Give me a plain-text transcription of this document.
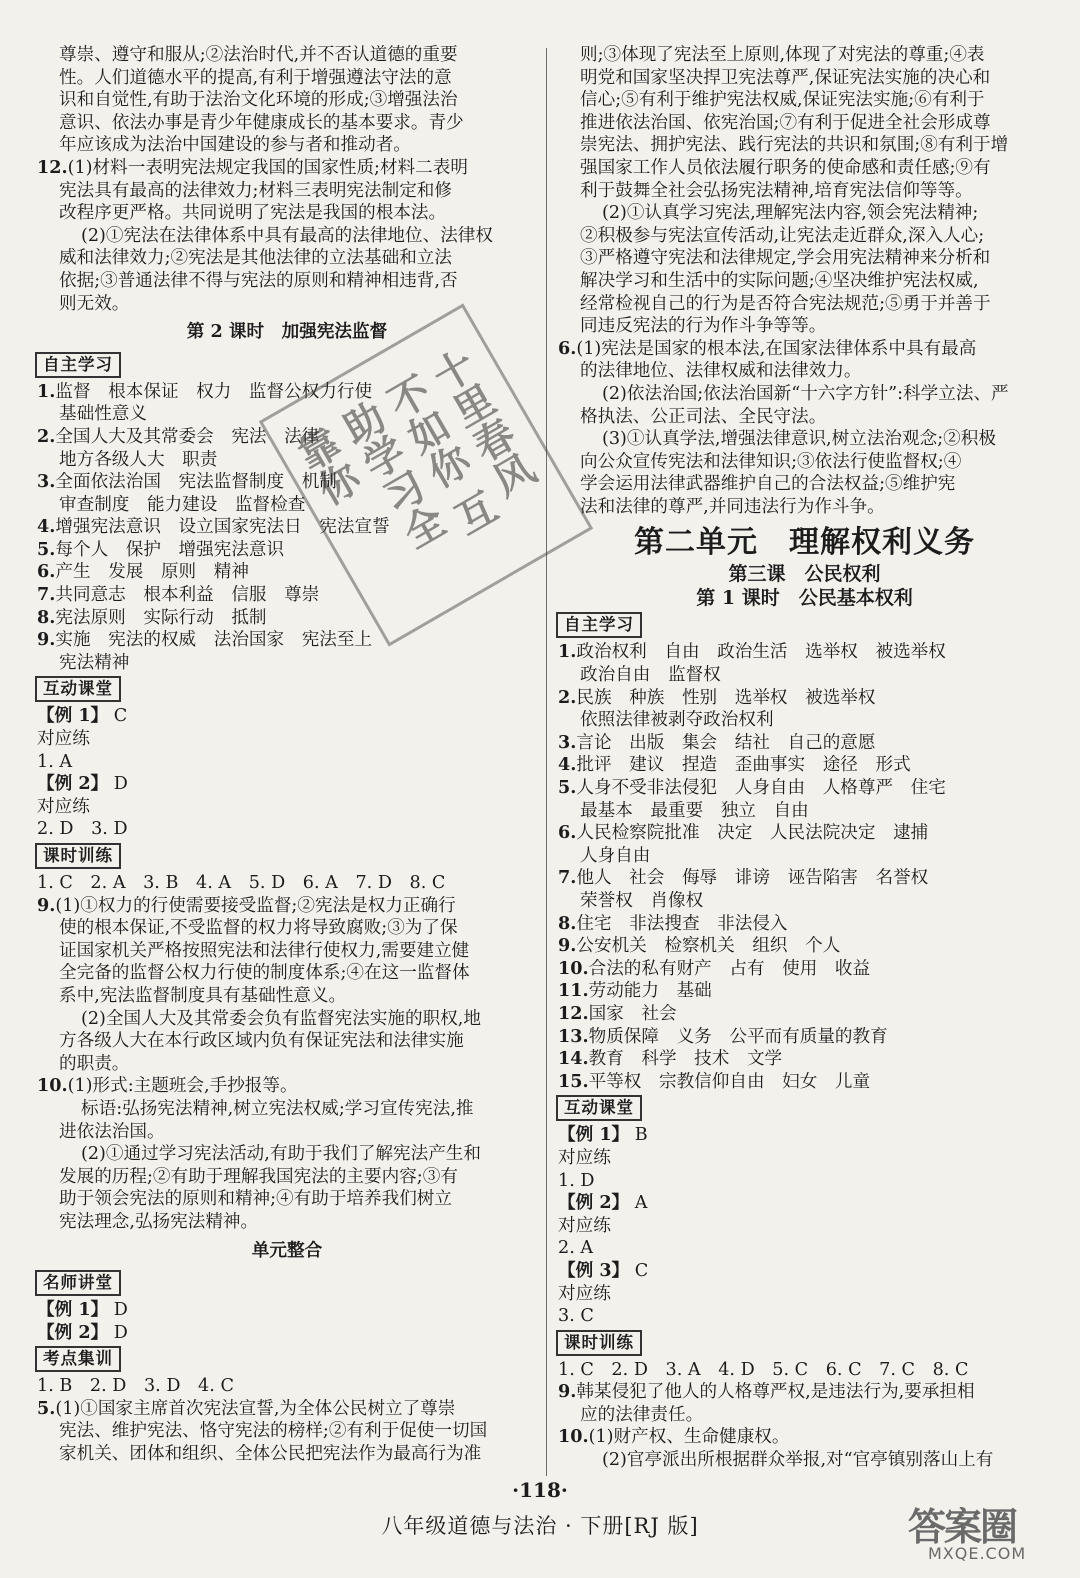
尊崇、遵守和服从;②法治时代,并不否认道德的重要

性。人们道德水平的提高,有利于增强遵法守法的意

识和自觉性,有助于法治文化环境的形成;③增强法治

意识、依法办事是青少年健康成长的基本要求。青少

年应该成为法治中国建设的参与者和推动者。

12.(1)材料一表明宪法规定我国的国家性质;材料二表明

宪法具有最高的法律效力;材料三表明宪法制定和修

改程序更严格。共同说明了宪法是我国的根本法。

(2)①宪法在法律体系中具有最高的法律地位、法律权

威和法律效力;②宪法是其他法律的立法基础和立法

依据;③普通法律不得与宪法的原则和精神相违背,否

则无效。

第 2 课时　加强宪法监督

自主学习

1.监督　根本保证　权力　监督公权力行使

基础性意义

2.全国人大及其常委会　宪法　法律

地方各级人大　职责

3.全面依法治国　宪法监督制度　机制

审查制度　能力建设　监督检查

4.增强宪法意识　设立国家宪法日　宪法宣誓

5.每个人　保护　增强宪法意识

6.产生　发展　原则　精神

7.共同意志　根本利益　信服　尊崇

8.宪法原则　实际行动　抵制

9.实施　宪法的权威　法治国家　宪法至上

宪法精神

互动课堂

【例 1】 C

对应练

1. A

【例 2】 D

对应练

2. D　3. D

课时训练

1. C　2. A　3. B　4. A　5. D　6. A　7. D　8. C

9.(1)①权力的行使需要接受监督;②宪法是权力正确行

使的根本保证,不受监督的权力将导致腐败;③为了保

证国家机关严格按照宪法和法律行使权力,需要建立健

全完备的监督公权力行使的制度体系;④在这一监督体

系中,宪法监督制度具有基础性意义。

(2)全国人大及其常委会负有监督宪法实施的职权,地

方各级人大在本行政区域内负有保证宪法和法律实施

的职责。

10.(1)形式:主题班会,手抄报等。

标语:弘扬宪法精神,树立宪法权威;学习宣传宪法,推

进依法治国。

(2)①通过学习宪法活动,有助于我们了解宪法产生和

发展的历程;②有助于理解我国宪法的主要内容;③有

助于领会宪法的原则和精神;④有助于培养我们树立

宪法理念,弘扬宪法精神。

单元整合

名师讲堂

【例 1】 D

【例 2】 D

考点集训

1. B　2. D　3. D　4. C

5.(1)①国家主席首次宪法宣誓,为全体公民树立了尊崇

宪法、维护宪法、恪守宪法的榜样;②有利于促使一切国

家机关、团体和组织、全体公民把宪法作为最高行为准

则;③体现了宪法至上原则,体现了对宪法的尊重;④表

明党和国家坚决捍卫宪法尊严,保证宪法实施的决心和

信心;⑤有利于维护宪法权威,保证宪法实施;⑥有利于

推进依法治国、依宪治国;⑦有利于促进全社会形成尊

崇宪法、拥护宪法、践行宪法的共识和氛围;⑧有利于增

强国家工作人员依法履行职务的使命感和责任感;⑨有

利于鼓舞全社会弘扬宪法精神,培育宪法信仰等等。

(2)①认真学习宪法,理解宪法内容,领会宪法精神;

②积极参与宪法宣传活动,让宪法走近群众,深入人心;

③严格遵守宪法和法律规定,学会用宪法精神来分析和

解决学习和生活中的实际问题;④坚决维护宪法权威,

经常检视自己的行为是否符合宪法规范;⑤勇于并善于

同违反宪法的行为作斗争等等。

6.(1)宪法是国家的根本法,在国家法律体系中具有最高

的法律地位、法律权威和法律效力。

(2)依法治国;依法治国新“十六字方针”:科学立法、严

格执法、公正司法、全民守法。

(3)①认真学法,增强法律意识,树立法治观念;②积极

向公众宣传宪法和法律知识;③依法行使监督权;④

学会运用法律武器维护自己的合法权益;⑤维护宪

法和法律的尊严,并同违法行为作斗争。

第二单元　理解权利义务

第三课　公民权利

第 1 课时　公民基本权利

自主学习

1.政治权利　自由　政治生活　选举权　被选举权

政治自由　监督权

2.民族　种族　性别　选举权　被选举权

依照法律被剥夺政治权利

3.言论　出版　集会　结社　自己的意愿

4.批评　建议　捏造　歪曲事实　途径　形式

5.人身不受非法侵犯　人身自由　人格尊严　住宅

最基本　最重要　独立　自由

6.人民检察院批准　决定　人民法院决定　逮捕

人身自由

7.他人　社会　侮辱　诽谤　诬告陷害　名誉权

荣誉权　肖像权

8.住宅　非法搜查　非法侵入

9.公安机关　检察机关　组织　个人

10.合法的私有财产　占有　使用　收益

11.劳动能力　基础

12.国家　社会

13.物质保障　义务　公平而有质量的教育

14.教育　科学　技术　文学

15.平等权　宗教信仰自由　妇女　儿童

互动课堂

【例 1】 B

对应练

1. D

【例 2】 A

对应练

2. A

【例 3】 C

对应练

3. C

课时训练

1. C　2. D　3. A　4. D　5. C　6. C　7. C　8. C

9.韩某侵犯了他人的人格尊严权,是违法行为,要承担相

应的法律责任。

10.(1)财产权、生命健康权。

(2)官亭派出所根据群众举报,对“官亭镇别落山上有

十里春风不如你 互助学习全靠你
·118·
八年级道德与法治 · 下册[RJ 版]	答案圈
MXQE.COM
